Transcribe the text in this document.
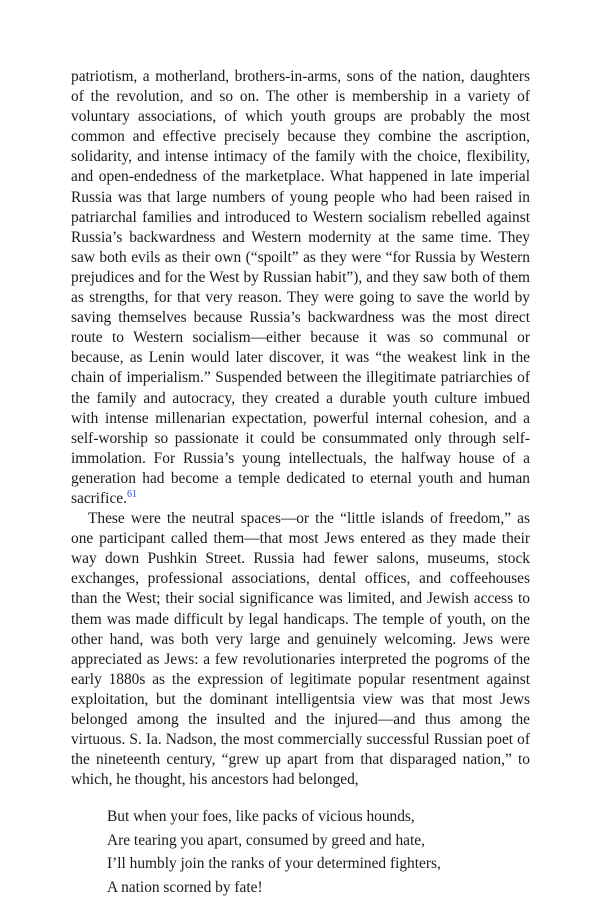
patriotism, a motherland, brothers-in-arms, sons of the nation, daughters of the revolution, and so on. The other is membership in a variety of voluntary associations, of which youth groups are probably the most common and effective precisely because they combine the ascription, solidarity, and intense intimacy of the family with the choice, flexibility, and open-endedness of the marketplace. What happened in late imperial Russia was that large numbers of young people who had been raised in patriarchal families and introduced to Western socialism rebelled against Russia’s backwardness and Western modernity at the same time. They saw both evils as their own (“spoilt” as they were “for Russia by Western prejudices and for the West by Russian habit”), and they saw both of them as strengths, for that very reason. They were going to save the world by saving themselves because Russia’s backwardness was the most direct route to Western socialism—either because it was so communal or because, as Lenin would later discover, it was “the weakest link in the chain of imperialism.” Suspended between the illegitimate patriarchies of the family and autocracy, they created a durable youth culture imbued with intense millenarian expectation, powerful internal cohesion, and a self-worship so passionate it could be consummated only through self-immolation. For Russia’s young intellectuals, the halfway house of a generation had become a temple dedicated to eternal youth and human sacrifice.$^{61}$

These were the neutral spaces—or the “little islands of freedom,” as one participant called them—that most Jews entered as they made their way down Pushkin Street. Russia had fewer salons, museums, stock exchanges, professional associations, dental offices, and coffeehouses than the West; their social significance was limited, and Jewish access to them was made difficult by legal handicaps. The temple of youth, on the other hand, was both very large and genuinely welcoming. Jews were appreciated as Jews: a few revolutionaries interpreted the pogroms of the early 1880s as the expression of legitimate popular resentment against exploitation, but the dominant intelligentsia view was that most Jews belonged among the insulted and the injured—and thus among the virtuous. S. Ia. Nadson, the most commercially successful Russian poet of the nineteenth century, “grew up apart from that disparaged nation,” to which, he thought, his ancestors had belonged,

But when your foes, like packs of vicious hounds,
Are tearing you apart, consumed by greed and hate,
I’ll humbly join the ranks of your determined fighters,
A nation scorned by fate!
